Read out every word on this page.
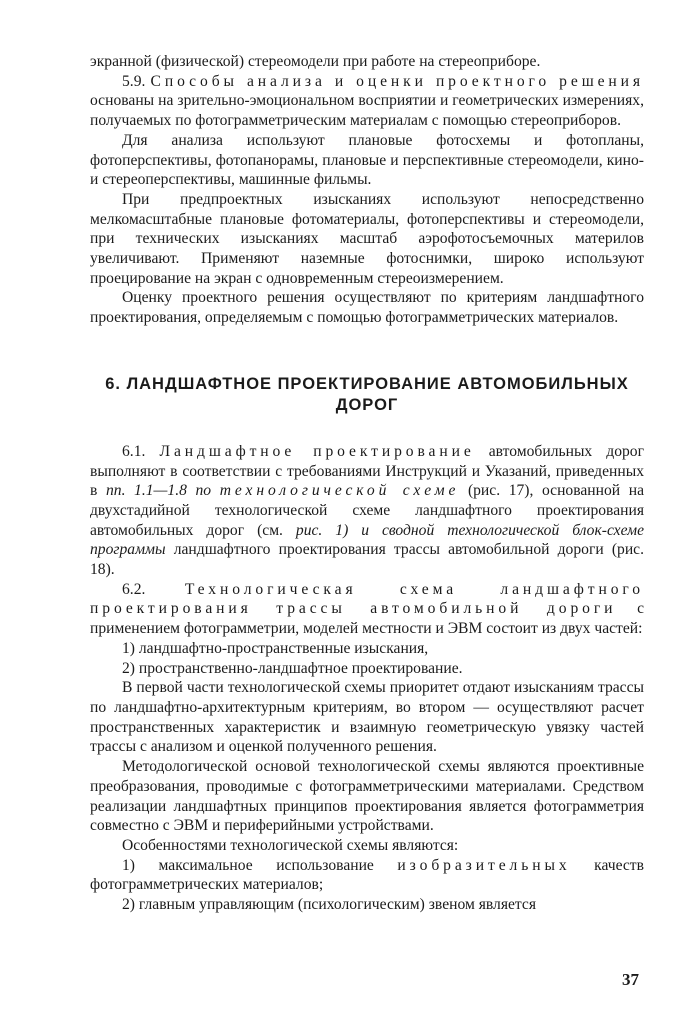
экранной (физической) стереомодели при работе на стереоприборе.

5.9. Способы анализа и оценки проектного решения основаны на зрительно-эмоциональном восприятии и геометрических измерениях, получаемых по фотограмметрическим материалам с помощью стереоприборов.

Для анализа используют плановые фотосхемы и фотопланы, фотоперспективы, фотопанорамы, плановые и перспективные стереомодели, кино- и стереоперспективы, машинные фильмы.

При предпроектных изысканиях используют непосредственно мелкомасштабные плановые фотоматериалы, фотоперспективы и стереомодели, при технических изысканиях масштаб аэрофотосъемочных материлов увеличивают. Применяют наземные фотоснимки, широко используют проецирование на экран с одновременным стереоизмерением.

Оценку проектного решения осуществляют по критериям ландшафтного проектирования, определяемым с помощью фотограмметрических материалов.

6. ЛАНДШАФТНОЕ ПРОЕКТИРОВАНИЕ АВТОМОБИЛЬНЫХ
ДОРОГ

6.1. Ландшафтное проектирование автомобильных дорог выполняют в соответствии с требованиями Инструкций и Указаний, приведенных в пп. 1.1—1.8 по технологической схеме (рис. 17), основанной на двухстадийной технологической схеме ландшафтного проектирования автомобильных дорог (см. рис. 1) и сводной технологической блок-схеме программы ландшафтного проектирования трассы автомобильной дороги (рис. 18).

6.2.	Технологическая схема ландшафтного проектирования трассы автомобильной дороги с применением фотограмметрии, моделей местности и ЭВМ состоит из двух частей:

1) ландшафтно-пространственные изыскания,

2) пространственно-ландшафтное проектирование.

В первой части технологической схемы приоритет отдают изысканиям трассы по ландшафтно-архитектурным критериям, во втором — осуществляют расчет пространственных характеристик и взаимную геометрическую увязку частей трассы с анализом и оценкой полученного решения.

Методологической основой технологической схемы являются проективные преобразования, проводимые с фотограмметрическими материалами. Средством реализации ландшафтных принципов проектирования является фотограмметрия совместно с ЭВМ и периферийными устройствами.

Особенностями технологической схемы являются:

1) максимальное использование изобразительных качеств фотограмметрических материалов;

2) главным управляющим (психологическим) звеном является

37
